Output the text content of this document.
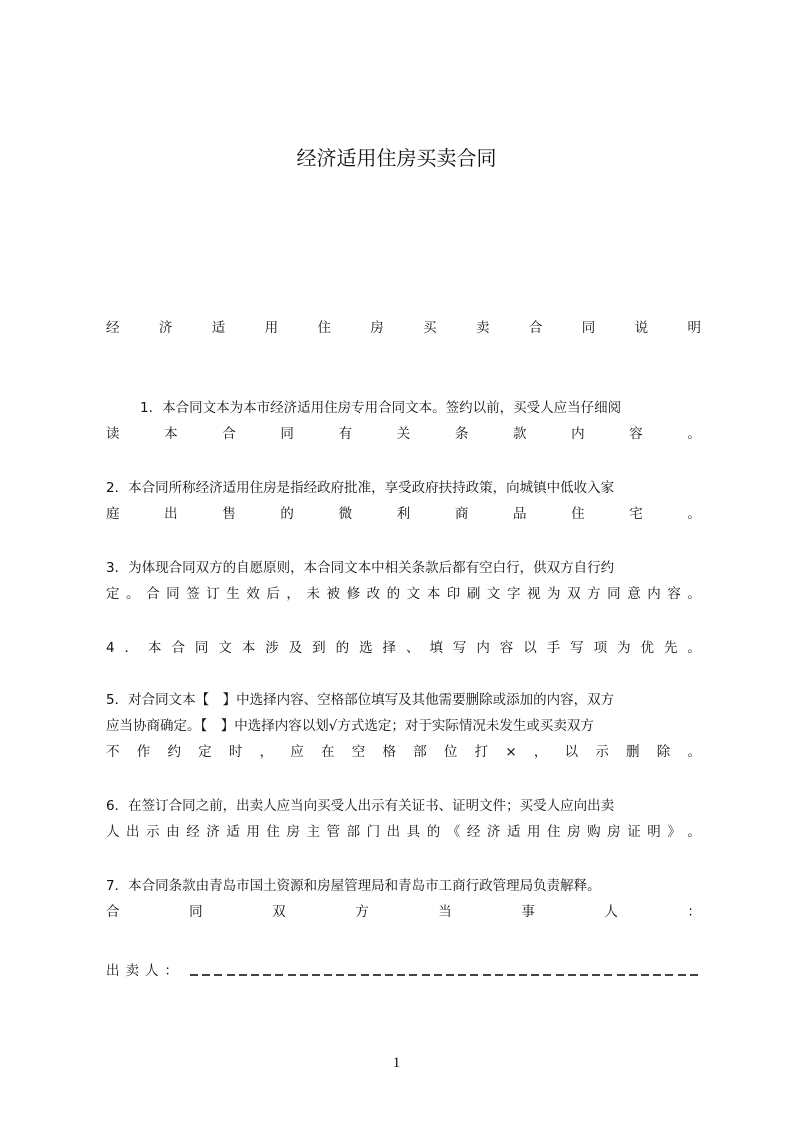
经济适用住房买卖合同
经	济	适	用	住	房	买	卖	合	同	说	明
1．本合同文本为本市经济适用住房专用合同文本。签约以前，买受人应当仔细阅
读	本	合	同	有	关	条	款	内	容	。
2．本合同所称经济适用住房是指经政府批准，享受政府扶持政策，向城镇中低收入家
庭	出	售	的	微	利	商	品	住	宅	。
3．为体现合同双方的自愿原则，本合同文本中相关条款后都有空白行，供双方自行约
定 。 合 同 签 订 生 效 后 ， 未 被 修 改 的 文 本 印 刷 文 字 视 为 双 方 同 意 内 容 。
4 ． 本 合 同 文 本 涉 及 到 的 选 择 、 填 写 内 容 以 手 写 项 为 优 先 。
5．对合同文本【　】中选择内容、空格部位填写及其他需要删除或添加的内容，双方
应当协商确定。【　】中选择内容以划√方式选定；对于实际情况未发生或买卖双方
不 作 约 定 时 ， 应 在 空 格 部 位 打 × ， 以 示 删 除 。
6．在签订合同之前，出卖人应当向买受人出示有关证书、证明文件；买受人应向出卖
人 出 示 由 经 济 适 用 住 房 主 管 部 门 出 具 的 《 经 济 适 用 住 房 购 房 证 明 》 。
7．本合同条款由青岛市国土资源和房屋管理局和青岛市工商行政管理局负责解释。
合	同	双	方	当	事	人	：
出卖人：
1
